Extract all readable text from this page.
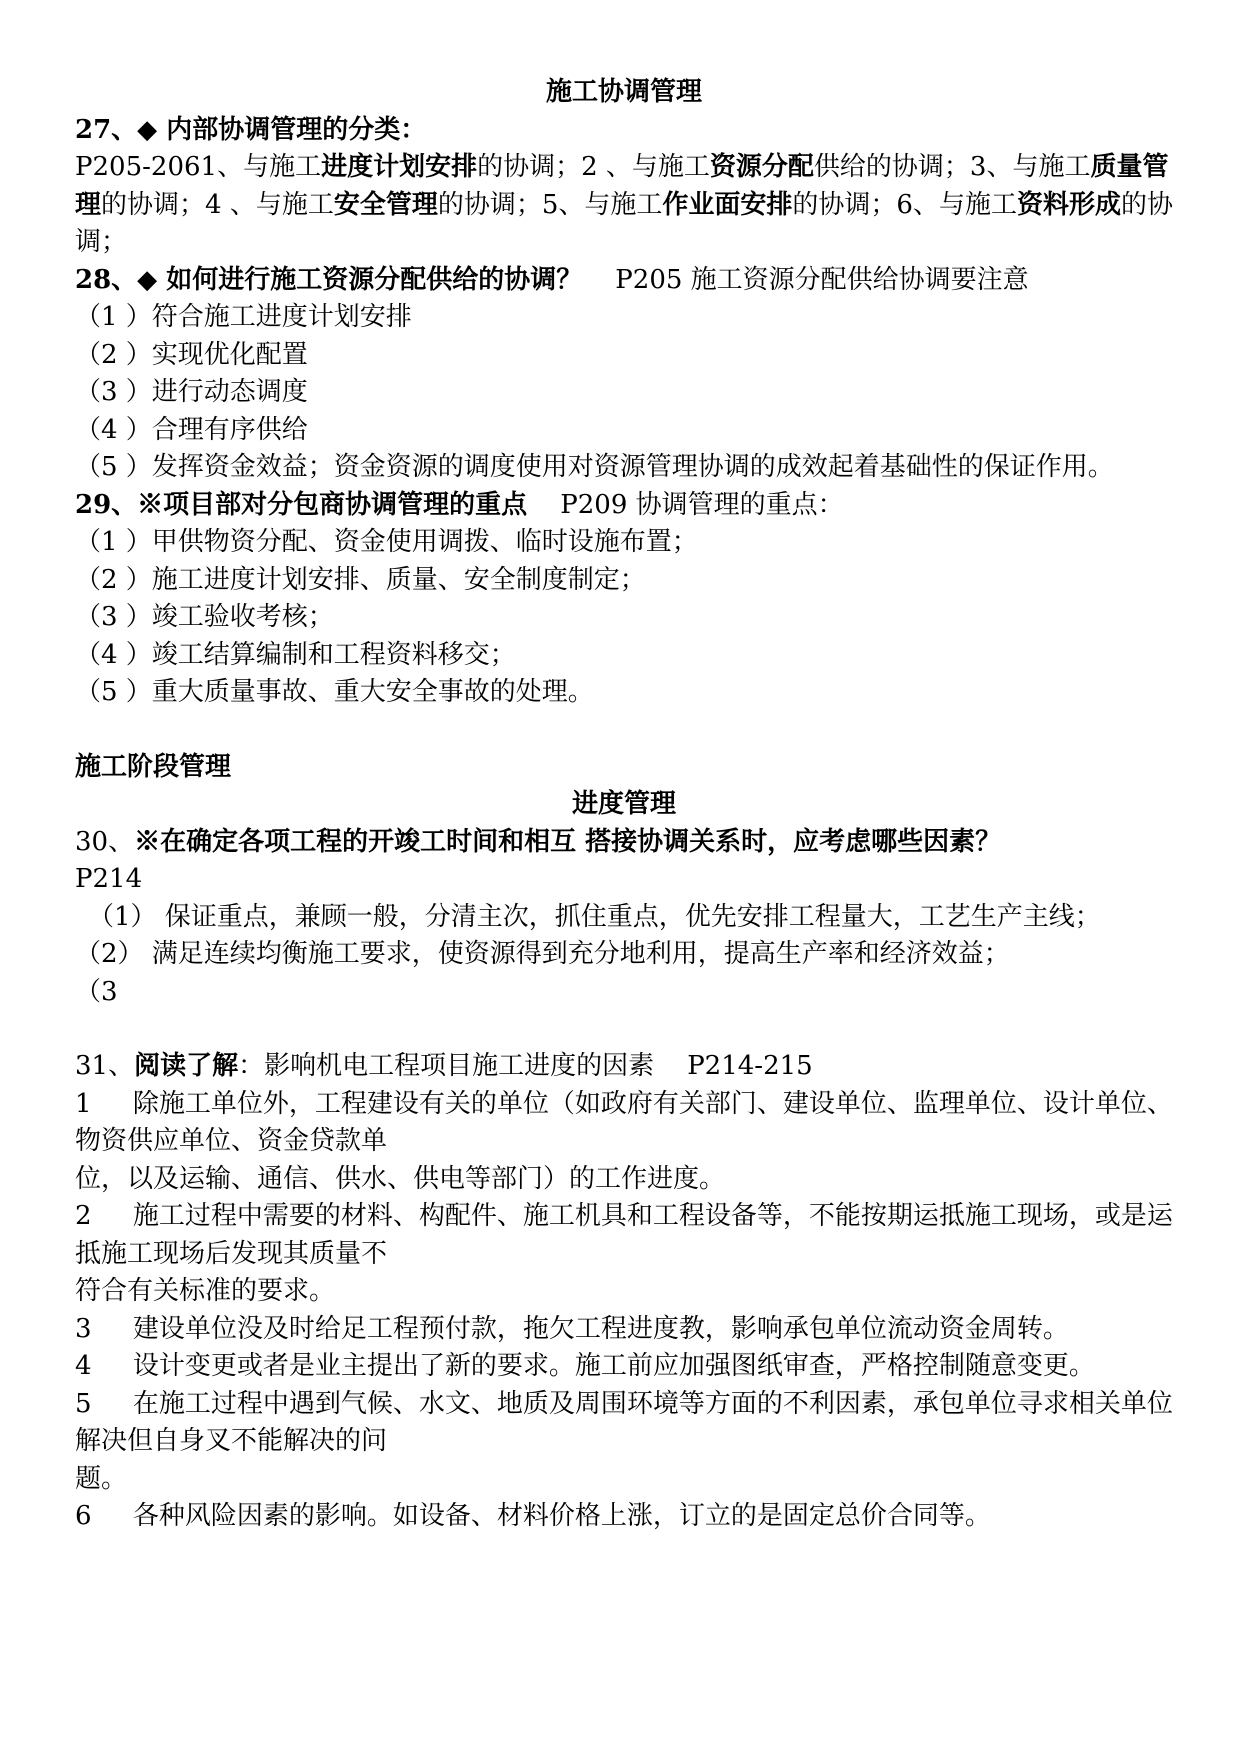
施工协调管理
27、◆ 内部协调管理的分类：
P205-2061、与施工进度计划安排的协调；2 、与施工资源分配供给的协调；3、与施工质量管理的协调；4 、与施工安全管理的协调；5、与施工作业面安排的协调；6、与施工资料形成的协调；
28、◆ 如何进行施工资源分配供给的协调？ P205 施工资源分配供给协调要注意
（1 ）符合施工进度计划安排
（2 ）实现优化配置
（3 ）进行动态调度
（4 ）合理有序供给
（5 ）发挥资金效益；资金资源的调度使用对资源管理协调的成效起着基础性的保证作用。
29、※项目部对分包商协调管理的重点 P209 协调管理的重点：
（1 ）甲供物资分配、资金使用调拨、临时设施布置；
（2 ）施工进度计划安排、质量、安全制度制定；
（3 ）竣工验收考核；
（4 ）竣工结算编制和工程资料移交；
（5 ）重大质量事故、重大安全事故的处理。
施工阶段管理
进度管理
30、※在确定各项工程的开竣工时间和相互 搭接协调关系时，应考虑哪些因素？
P214
（1） 保证重点，兼顾一般，分清主次，抓住重点，优先安排工程量大，工艺生产主线；
（2） 满足连续均衡施工要求，使资源得到充分地利用，提高生产率和经济效益；
（3
31、阅读了解：影响机电工程项目施工进度的因素 P214-215
1 除施工单位外，工程建设有关的单位（如政府有关部门、建设单位、监理单位、设计单位、物资供应单位、资金贷款单
位，以及运输、通信、供水、供电等部门）的工作进度。
2 施工过程中需要的材料、构配件、施工机具和工程设备等，不能按期运抵施工现场，或是运抵施工现场后发现其质量不
符合有关标准的要求。
3 建设单位没及时给足工程预付款，拖欠工程进度教，影响承包单位流动资金周转。
4 设计变更或者是业主提出了新的要求。施工前应加强图纸审查，严格控制随意变更。
5 在施工过程中遇到气候、水文、地质及周围环境等方面的不利因素，承包单位寻求相关单位解决但自身叉不能解决的问
题。
6 各种风险因素的影响。如设备、材料价格上涨，订立的是固定总价合同等。
